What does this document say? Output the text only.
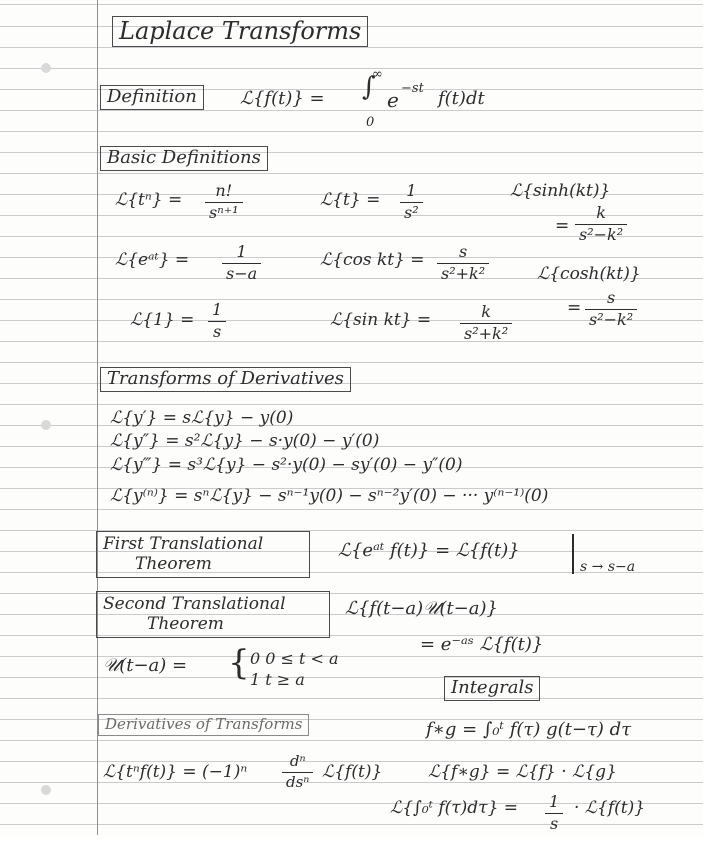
Laplace Transforms
Definition	ℒ{f(t)} = ∫
∞
0
e −st f(t)dt
Basic Definitions
ℒ{tⁿ} = n!
sⁿ⁺¹
ℒ{t} = 1
s²
ℒ{sinh(kt)}
=
k
s²−k²
ℒ{eᵃᵗ} =	1
s−a
ℒ{cos kt} = s
s²+k²	ℒ{cosh(kt)}
=
s
s²−k²
ℒ{1} =
1
s
ℒ{sin kt} =	k
s²+k²
Transforms of Derivatives
ℒ{y′} = sℒ{y} − y(0)
ℒ{y″} = s²ℒ{y} − s·y(0) − y′(0)
ℒ{y‴} = s³ℒ{y} − s²·y(0) − sy′(0) − y″(0)
ℒ{y⁽ⁿ⁾} = sⁿℒ{y} − sⁿ⁻¹y(0) − sⁿ⁻²y′(0) − ··· y⁽ⁿ⁻¹⁾(0)
First Translational
Theorem
ℒ{eᵃᵗ f(t)} = ℒ{f(t)}
s → s−a
Second Translational
Theorem
ℒ{f(t−a)𝒰(t−a)}
= e⁻ᵃˢ ℒ{f(t)}
𝒰(t−a) = { 0 0 ≤ t < a
1 t ≥ a	Integrals
f∗g = ∫₀ᵗ f(τ) g(t−τ) dτ
ℒ{f∗g} = ℒ{f} · ℒ{g}
ℒ{∫₀ᵗ f(τ)dτ} = 1
s
· ℒ{f(t)}
Derivatives of Transforms
ℒ{tⁿf(t)} = (−1)ⁿ
dⁿ
dsⁿ
ℒ{f(t)}
